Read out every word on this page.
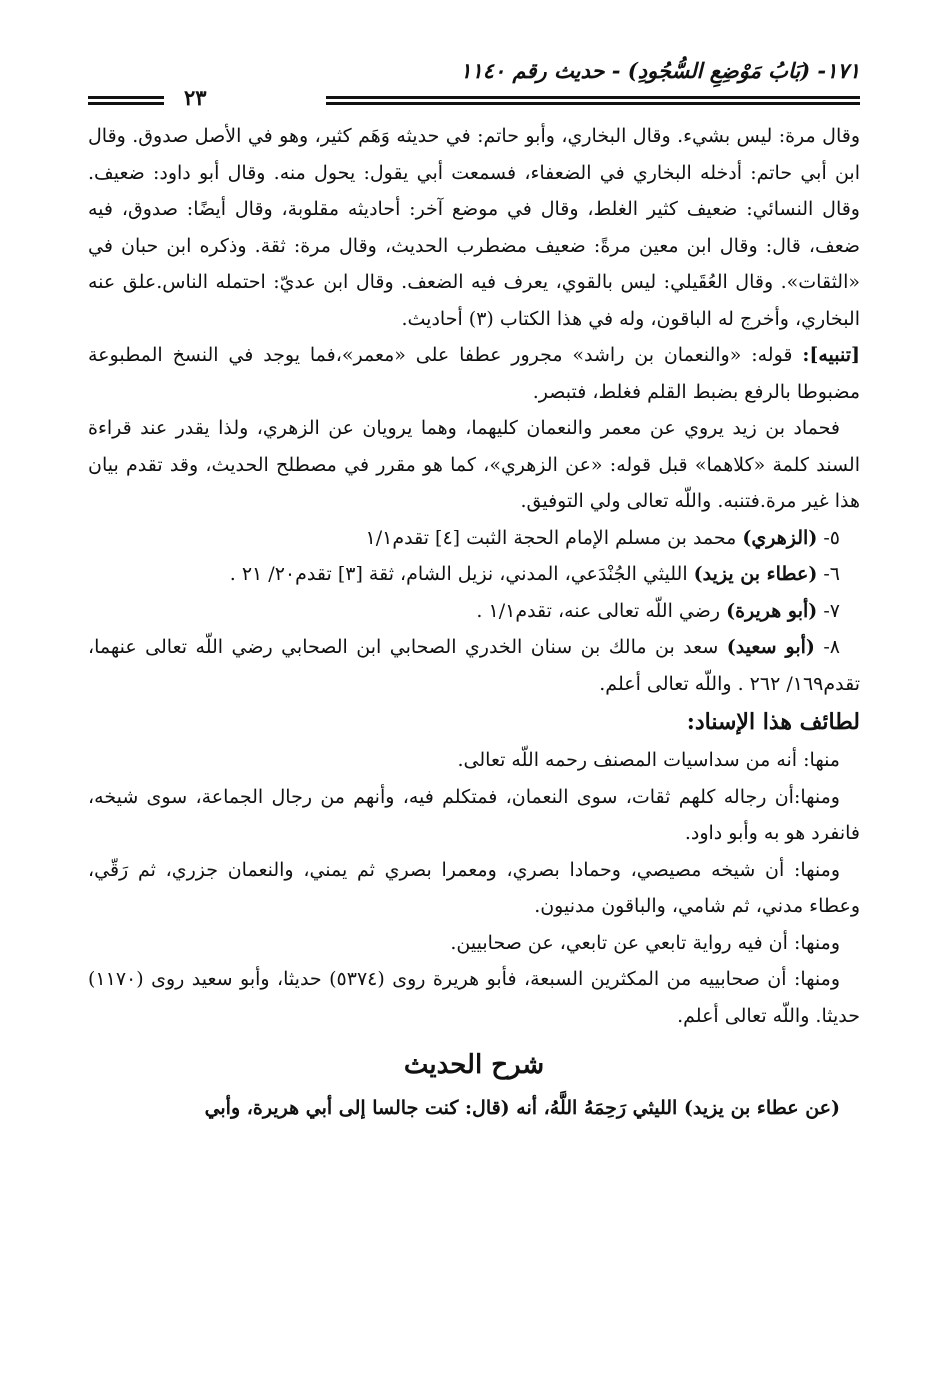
١٧١- (بَابُ مَوْضِعِ السُّجُودِ) - حديث رقم ١١٤٠
٢٣

وقال مرة: ليس بشيء. وقال البخاري، وأبو حاتم: في حديثه وَهَم كثير، وهو في الأصل صدوق. وقال ابن أبي حاتم: أدخله البخاري في الضعفاء، فسمعت أبي يقول: يحول منه. وقال أبو داود: ضعيف. وقال النسائي: ضعيف كثير الغلط، وقال في موضع آخر: أحاديثه مقلوبة، وقال أيضًا: صدوق، فيه ضعف، قال: وقال ابن معين مرةً: ضعيف مضطرب الحديث، وقال مرة: ثقة. وذكره ابن حبان في «الثقات». وقال العُقَيلي: ليس بالقوي، يعرف فيه الضعف. وقال ابن عديّ: احتمله الناس.علق عنه البخاري، وأخرج له الباقون، وله في هذا الكتاب (٣) أحاديث.

[تنبيه]: قوله: «والنعمان بن راشد» مجرور عطفا على «معمر»،فما يوجد في النسخ المطبوعة مضبوطا بالرفع بضبط القلم فغلط، فتبصر.

فحماد بن زيد يروي عن معمر والنعمان كليهما، وهما يرويان عن الزهري، ولذا يقدر عند قراءة السند كلمة «كلاهما» قبل قوله: «عن الزهري»، كما هو مقرر في مصطلح الحديث، وقد تقدم بيان هذا غير مرة.فتنبه. واللّه تعالى ولي التوفيق.

٥- (الزهري) محمد بن مسلم الإمام الحجة الثبت [٤] تقدم١/١

٦- (عطاء بن يزيد) الليثي الجُنْدَعي، المدني، نزيل الشام، ثقة [٣] تقدم٢٠/ ٢١ .

٧- (أبو هريرة) رضي اللّه تعالى عنه، تقدم١/١ .

٨- (أبو سعيد) سعد بن مالك بن سنان الخدري الصحابي ابن الصحابي رضي اللّه تعالى عنهما، تقدم١٦٩/ ٢٦٢ . واللّه تعالى أعلم.

لطائف هذا الإسناد:

منها: أنه من سداسيات المصنف رحمه اللّه تعالى.

ومنها:أن رجاله كلهم ثقات، سوى النعمان، فمتكلم فيه، وأنهم من رجال الجماعة، سوى شيخه، فانفرد هو به وأبو داود.

ومنها: أن شيخه مصيصي، وحمادا بصري، ومعمرا بصري ثم يمني، والنعمان جزري، ثم رَقّي، وعطاء مدني، ثم شامي، والباقون مدنيون.

ومنها: أن فيه رواية تابعي عن تابعي، عن صحابيين.

ومنها: أن صحابييه من المكثرين السبعة، فأبو هريرة روى (٥٣٧٤) حديثا، وأبو سعيد روى (١١٧٠) حديثا. واللّه تعالى أعلم.

شرح الحديث

(عن عطاء بن يزيد) الليثي رَحِمَهُ اللَّهُ، أنه (قال: كنت جالسا إلى أبي هريرة، وأبي
